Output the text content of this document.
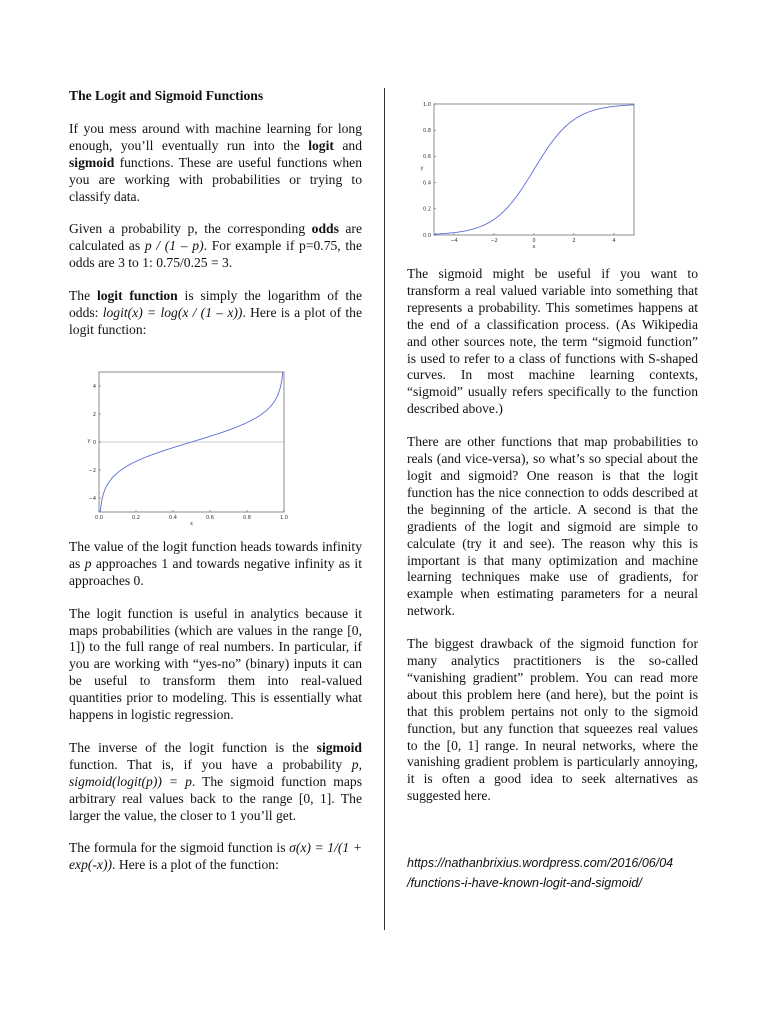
The Logit and Sigmoid Functions

If you mess around with machine learning for long enough, you’ll eventually run into the logit and sigmoid functions. These are useful functions when you are working with probabilities or trying to classify data.

Given a probability p, the corresponding odds are calculated as p / (1 – p). For example if p=0.75, the odds are 3 to 1: 0.75/0.25 = 3.

The logit function is simply the logarithm of the odds: logit(x) = log(x / (1 – x)). Here is a plot of the logit function:

The value of the logit function heads towards infinity as p approaches 1 and towards negative infinity as it approaches 0.

The logit function is useful in analytics because it maps probabilities (which are values in the range [0, 1]) to the full range of real numbers. In particular, if you are working with “yes-no” (binary) inputs it can be useful to transform them into real-valued quantities prior to modeling. This is essentially what happens in logistic regression.

The inverse of the logit function is the sigmoid function. That is, if you have a probability p, sigmoid(logit(p)) = p. The sigmoid function maps arbitrary real values back to the range [0, 1]. The larger the value, the closer to 1 you’ll get.

The formula for the sigmoid function is σ(x) = 1/(1 + exp(-x)). Here is a plot of the function:

0.0	0.2	0.4	0.6	0.8	1.0
−4
−2
0
2
4
x
y
−4	−2	0	2	4
0.0
0.2
0.4
0.6
0.8
1.0
x
y

The sigmoid might be useful if you want to transform a real valued variable into something that represents a probability. This sometimes happens at the end of a classification process. (As Wikipedia and other sources note, the term “sigmoid function” is used to refer to a class of functions with S-shaped curves. In most machine learning contexts, “sigmoid” usually refers specifically to the function described above.)

There are other functions that map probabilities to reals (and vice-versa), so what’s so special about the logit and sigmoid? One reason is that the logit function has the nice connection to odds described at the beginning of the article. A second is that the gradients of the logit and sigmoid are simple to calculate (try it and see). The reason why this is important is that many optimization and machine learning techniques make use of gradients, for example when estimating parameters for a neural network.

The biggest drawback of the sigmoid function for many analytics practitioners is the so-called “vanishing gradient” problem. You can read more about this problem here (and here), but the point is that this problem pertains not only to the sigmoid function, but any function that squeezes real values to the [0, 1] range. In neural networks, where the vanishing gradient problem is particularly annoying, it is often a good idea to seek alternatives as suggested here.

https://nathanbrixius.wordpress.com/2016/06/04
/functions-i-have-known-logit-and-sigmoid/
